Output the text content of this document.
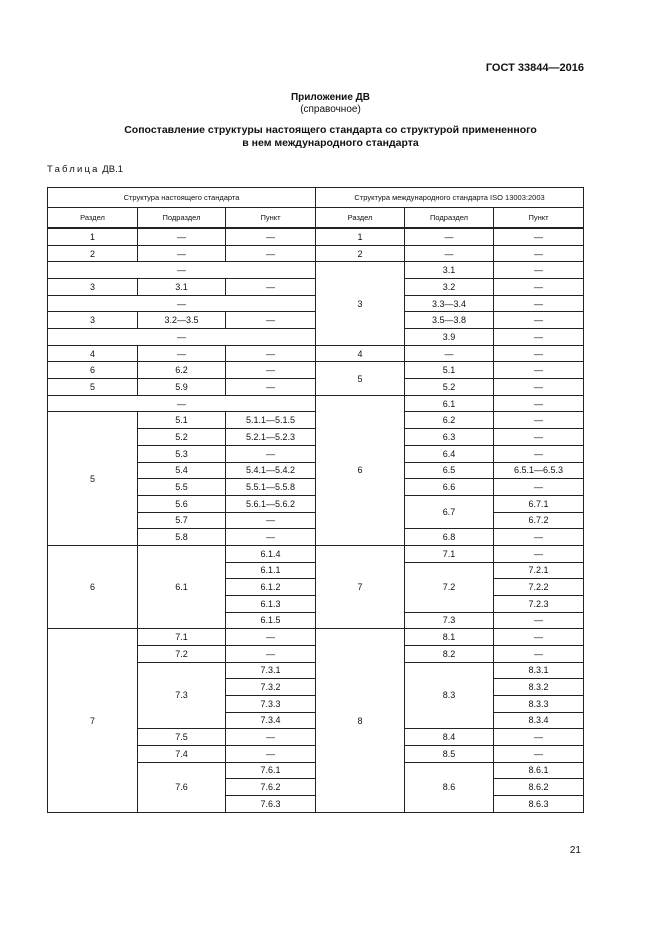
ГОСТ 33844—2016
Приложение ДВ
(справочное)
Сопоставление структуры настоящего стандарта со структурой примененного
в нем международного стандарта
Таблица ДВ.1
Структура настоящего стандарта			Структура международного стандарта ISO 13003:2003		
Раздел	Подраздел	Пункт	Раздел	Подраздел	Пункт
1	—	—	1	—	—
2	—	—	2	—	—
—			3	3.1	—
3	3.1	—		3.2	—
—				3.3—3.4	—
3	3.2—3.5	—		3.5—3.8	—
—				3.9	—
4	—	—	4	—	—
6	6.2	—	5	5.1	—
5	5.9	—		5.2	—
—			6	6.1	—
5	5.1	5.1.1—5.1.5		6.2	—
	5.2	5.2.1—5.2.3		6.3	—
	5.3	—		6.4	—
	5.4	5.4.1—5.4.2		6.5	6.5.1—6.5.3
	5.5	5.5.1—5.5.8		6.6	—
	5.6	5.6.1—5.6.2		6.7	6.7.1
	5.7	—			6.7.2
	5.8	—		6.8	—
6	6.1	6.1.4	7	7.1	—
		6.1.1		7.2	7.2.1
		6.1.2			7.2.2
		6.1.3			7.2.3
		6.1.5		7.3	—
7	7.1	—	8	8.1	—
	7.2	—		8.2	—
	7.3	7.3.1		8.3	8.3.1
		7.3.2			8.3.2
		7.3.3			8.3.3
		7.3.4			8.3.4
	7.5	—		8.4	—
	7.4	—		8.5	—
	7.6	7.6.1		8.6	8.6.1
		7.6.2			8.6.2
		7.6.3			8.6.3
21
